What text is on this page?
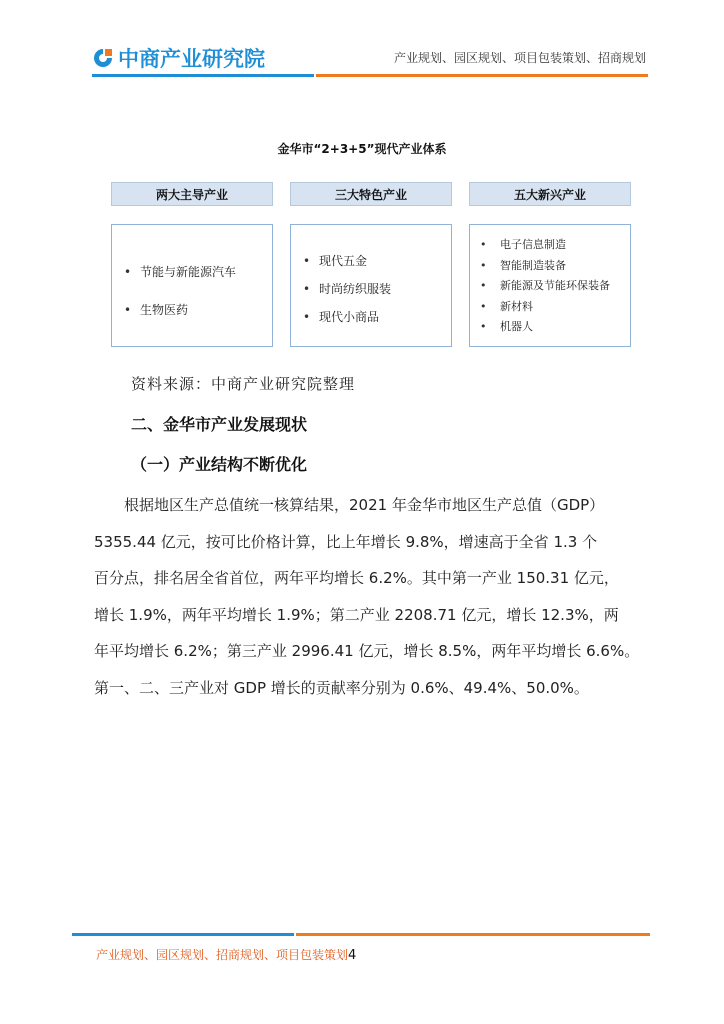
中商产业研究院	产业规划、园区规划、项目包装策划、招商规划
金华市“2+3+5”现代产业体系
两大主导产业	三大特色产业	五大新兴产业
• 节能与新能源汽车
• 生物医药
• 现代五金
• 时尚纺织服装
• 现代小商品
• 电子信息制造
• 智能制造装备
• 新能源及节能环保装备
• 新材料
• 机器人
资料来源：中商产业研究院整理
二、金华市产业发展现状
（一）产业结构不断优化
　　根据地区生产总值统一核算结果，2021 年金华市地区生产总值（GDP）
5355.44 亿元，按可比价格计算，比上年增长 9.8%，增速高于全省 1.3 个
百分点，排名居全省首位，两年平均增长 6.2%。其中第一产业 150.31 亿元，
增长 1.9%，两年平均增长 1.9%；第二产业 2208.71 亿元，增长 12.3%，两
年平均增长 6.2%；第三产业 2996.41 亿元，增长 8.5%，两年平均增长 6.6%。
第一、二、三产业对 GDP 增长的贡献率分别为 0.6%、49.4%、50.0%。
产业规划、园区规划、招商规划、项目包装策划4
